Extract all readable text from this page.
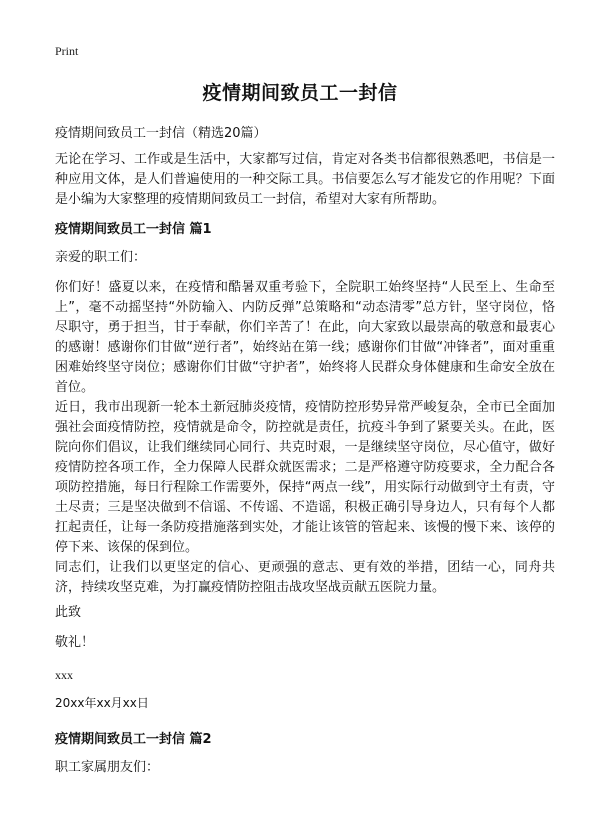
Print
疫情期间致员工一封信

疫情期间致员工一封信（精选20篇）

无论在学习、工作或是生活中，大家都写过信，肯定对各类书信都很熟悉吧，书信是一种应用文体，是人们普遍使用的一种交际工具。书信要怎么写才能发它的作用呢？下面是小编为大家整理的疫情期间致员工一封信，希望对大家有所帮助。

疫情期间致员工一封信 篇1

亲爱的职工们：

你们好！盛夏以来，在疫情和酷暑双重考验下，全院职工始终坚持“人民至上、生命至上”，毫不动摇坚持“外防输入、内防反弹”总策略和“动态清零”总方针，坚守岗位，恪尽职守，勇于担当，甘于奉献，你们辛苦了！在此，向大家致以最崇高的敬意和最衷心的感谢！感谢你们甘做“逆行者”，始终站在第一线；感谢你们甘做“冲锋者”，面对重重困难始终坚守岗位；感谢你们甘做“守护者”，始终将人民群众身体健康和生命安全放在首位。

近日，我市出现新一轮本土新冠肺炎疫情，疫情防控形势异常严峻复杂，全市已全面加强社会面疫情防控，疫情就是命令，防控就是责任，抗疫斗争到了紧要关头。在此，医院向你们倡议，让我们继续同心同行、共克时艰，一是继续坚守岗位，尽心值守，做好疫情防控各项工作，全力保障人民群众就医需求；二是严格遵守防疫要求，全力配合各项防控措施，每日行程除工作需要外，保持“两点一线”，用实际行动做到守土有责，守土尽责；三是坚决做到不信谣、不传谣、不造谣，积极正确引导身边人，只有每个人都扛起责任，让每一条防疫措施落到实处，才能让该管的管起来、该慢的慢下来、该停的停下来、该保的保到位。

同志们，让我们以更坚定的信心、更顽强的意志、更有效的举措，团结一心，同舟共济，持续攻坚克难，为打赢疫情防控阻击战攻坚战贡献五医院力量。

此致

敬礼！

xxx

20xx年xx月xx日

疫情期间致员工一封信 篇2

职工家属朋友们：
